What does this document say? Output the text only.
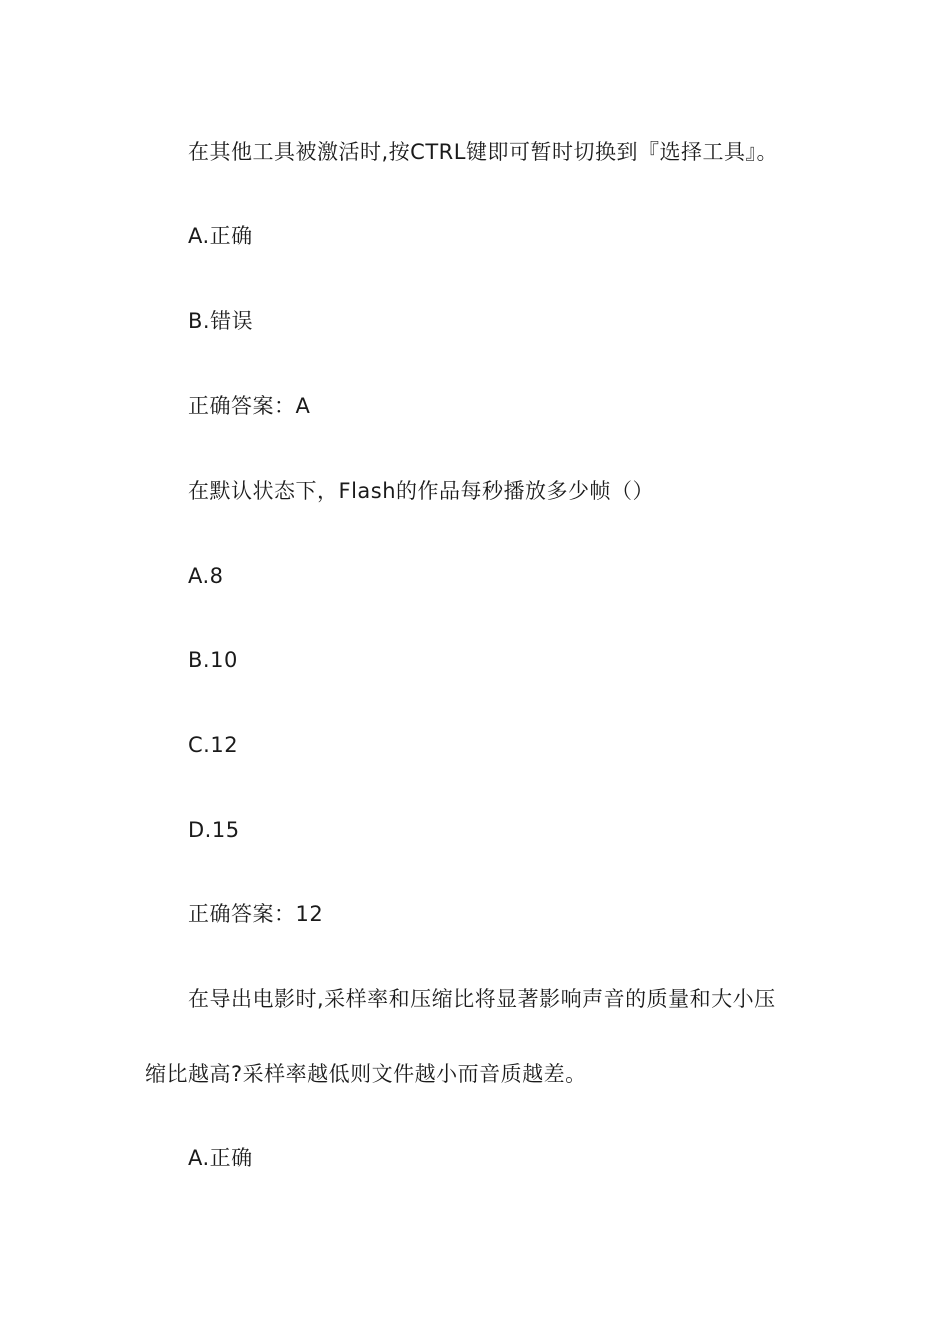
在其他工具被激活时,按CTRL键即可暂时切换到『选择工具』。
A.正确
B.错误
正确答案：A
在默认状态下，Flash的作品每秒播放多少帧（）
A.8
B.10
C.12
D.15
正确答案：12
在导出电影时,采样率和压缩比将显著影响声音的质量和大小压
缩比越高?采样率越低则文件越小而音质越差。
A.正确
